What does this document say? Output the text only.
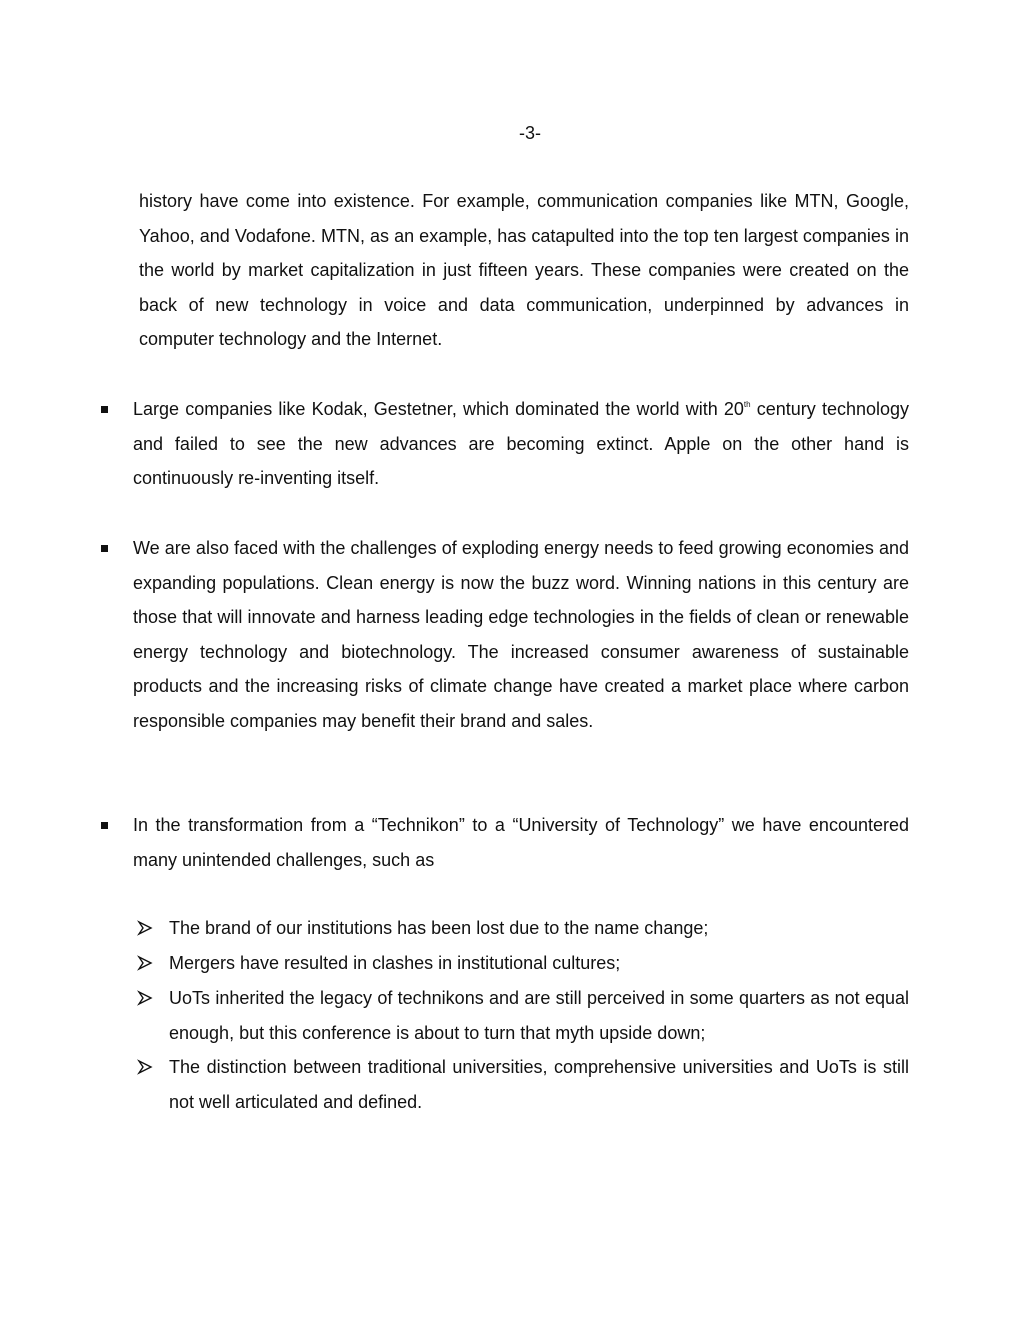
-3-

history have come into existence. For example, communication companies like MTN, Google, Yahoo, and Vodafone. MTN, as an example, has catapulted into the top ten largest companies in the world by market capitalization in just fifteen years. These companies were created on the back of new technology in voice and data communication, underpinned by advances in computer technology and the Internet.

Large companies like Kodak, Gestetner, which dominated the world with 20th century technology and failed to see the new advances are becoming extinct. Apple on the other hand is continuously re-inventing itself.

We are also faced with the challenges of exploding energy needs to feed growing economies and expanding populations. Clean energy is now the buzz word. Winning nations in this century are those that will innovate and harness leading edge technologies in the fields of clean or renewable energy technology and biotechnology. The increased consumer awareness of sustainable products and the increasing risks of climate change have created a market place where carbon responsible companies may benefit their brand and sales.

In the transformation from a “Technikon” to a “University of Technology” we have encountered many unintended challenges, such as

The brand of our institutions has been lost due to the name change;

Mergers have resulted in clashes in institutional cultures;

UoTs inherited the legacy of technikons and are still perceived in some quarters as not equal enough, but this conference is about to turn that myth upside down;

The distinction between traditional universities, comprehensive universities and UoTs is still not well articulated and defined.
